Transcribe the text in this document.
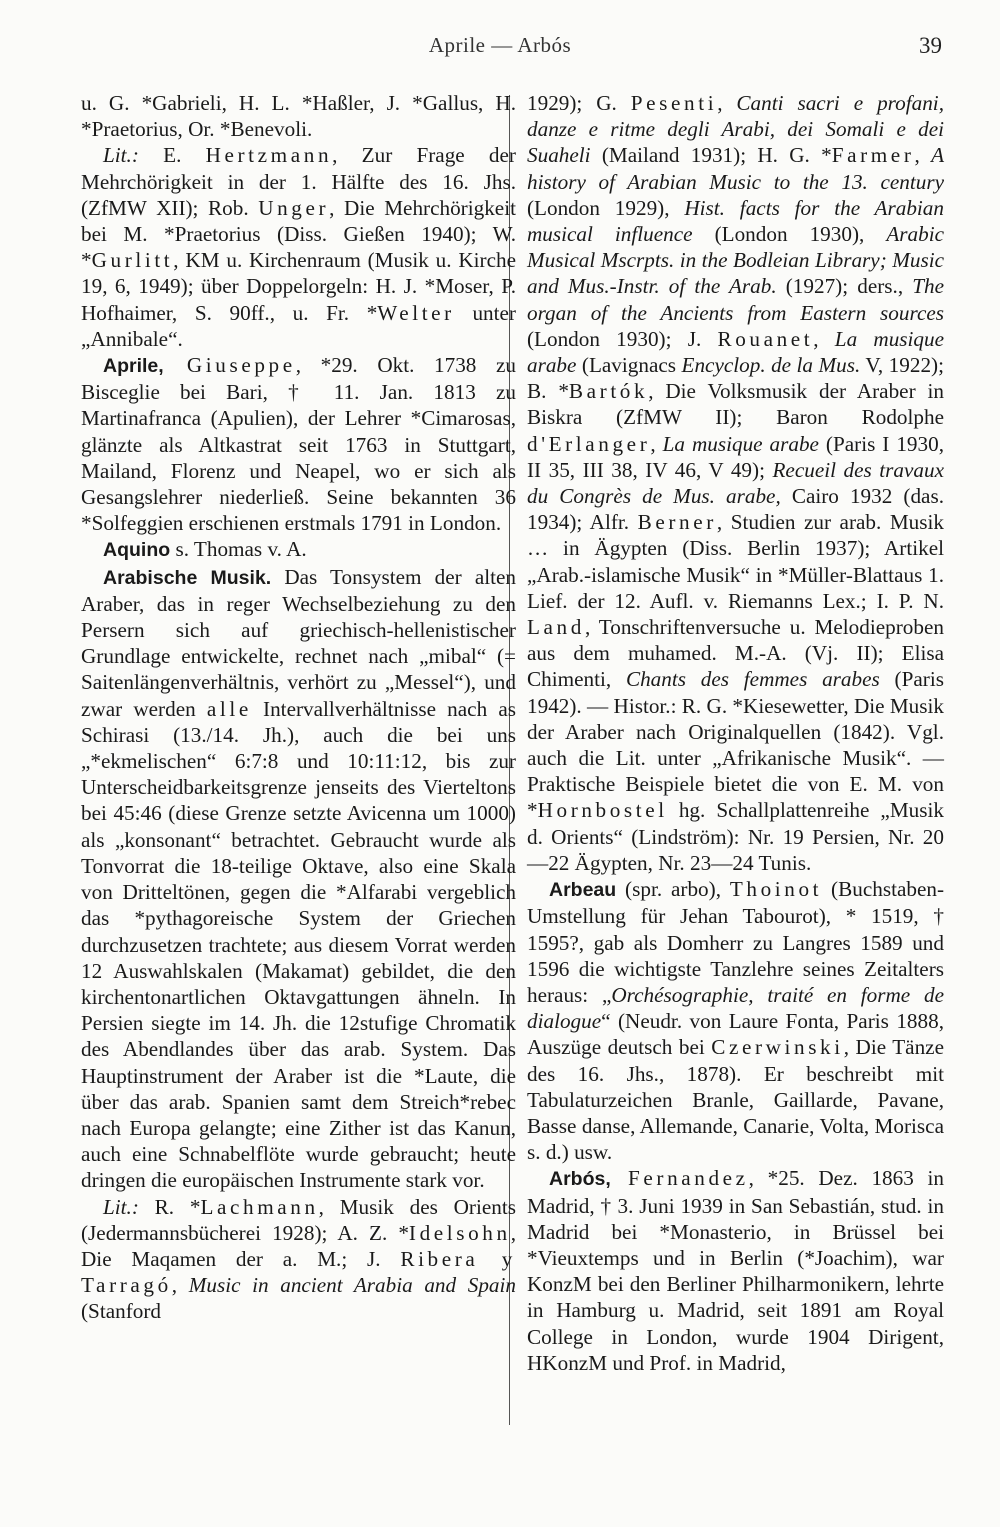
Aprile — Arbós	39

u. G. *Gabrieli, H. L. *Haßler, J. *Gallus, H. *Praetorius, Or. *Benevoli.

Lit.: E. Hertzmann, Zur Frage der Mehrchörigkeit in der 1. Hälfte des 16. Jhs. (ZfMW XII); Rob. Unger, Die Mehrchörigkeit bei M. *Praetorius (Diss. Gießen 1940); W. *Gurlitt, KM u. Kirchenraum (Musik u. Kirche 19, 6, 1949); über Doppelorgeln: H. J. *Moser, P. Hofhaimer, S. 90ff., u. Fr. *Welter unter „Annibale“.

Aprile, Giuseppe, *29. Okt. 1738 zu Bisceglie bei Bari, † 11. Jan. 1813 zu Martinafranca (Apulien), der Lehrer *Cimarosas, glänzte als Altkastrat seit 1763 in Stuttgart, Mailand, Florenz und Neapel, wo er sich als Gesangslehrer niederließ. Seine bekannten 36 *Solfeggien erschienen erstmals 1791 in London.

Aquino s. Thomas v. A.

Arabische Musik. Das Tonsystem der alten Araber, das in reger Wechselbeziehung zu den Persern sich auf griechisch-hellenistischer Grundlage entwickelte, rechnet nach „mibal“ (= Saitenlängenverhältnis, verhört zu „Messel“), und zwar werden alle Intervallverhältnisse nach as Schirasi (13./14. Jh.), auch die bei uns „*ekmelischen“ 6:7:8 und 10:11:12, bis zur Unterscheidbarkeitsgrenze jenseits des Vierteltons bei 45:46 (diese Grenze setzte Avicenna um 1000) als „konsonant“ betrachtet. Gebraucht wurde als Tonvorrat die 18-teilige Oktave, also eine Skala von Dritteltönen, gegen die *Alfarabi vergeblich das *pythagoreische System der Griechen durchzusetzen trachtete; aus diesem Vorrat werden 12 Auswahlskalen (Makamat) gebildet, die den kirchentonartlichen Oktavgattungen ähneln. In Persien siegte im 14. Jh. die 12stufige Chromatik des Abendlandes über das arab. System. Das Hauptinstrument der Araber ist die *Laute, die über das arab. Spanien samt dem Streich*rebec nach Europa gelangte; eine Zither ist das Kanun, auch eine Schnabelflöte wurde gebraucht; heute dringen die europäischen Instrumente stark vor.

Lit.: R. *Lachmann, Musik des Orients (Jedermannsbücherei 1928); A. Z. *Idelsohn, Die Maqamen der a. M.; J. Ribera y Tarragó, Music in ancient Arabia and Spain (Stanford

1929); G. Pesenti, Canti sacri e profani, danze e ritme degli Arabi, dei Somali e dei Suaheli (Mailand 1931); H. G. *Farmer, A history of Arabian Music to the 13. century (London 1929), Hist. facts for the Arabian musical influence (London 1930), Arabic Musical Mscrpts. in the Bodleian Library; Music and Mus.-Instr. of the Arab. (1927); ders., The organ of the Ancients from Eastern sources (London 1930); J. Rouanet, La musique arabe (Lavignacs Encyclop. de la Mus. V, 1922); B. *Bartók, Die Volksmusik der Araber in Biskra (ZfMW II); Baron Rodolphe d'Erlanger, La musique arabe (Paris I 1930, II 35, III 38, IV 46, V 49); Recueil des travaux du Congrès de Mus. arabe, Cairo 1932 (das. 1934); Alfr. Berner, Studien zur arab. Musik … in Ägypten (Diss. Berlin 1937); Artikel „Arab.-islamische Musik“ in *Müller-Blattaus 1. Lief. der 12. Aufl. v. Riemanns Lex.; I. P. N. Land, Tonschriftenversuche u. Melodieproben aus dem muhamed. M.-A. (Vj. II); Elisa Chimenti, Chants des femmes arabes (Paris 1942). — Histor.: R. G. *Kiesewetter, Die Musik der Araber nach Originalquellen (1842). Vgl. auch die Lit. unter „Afrikanische Musik“. — Praktische Beispiele bietet die von E. M. von *Hornbostel hg. Schallplattenreihe „Musik d. Orients“ (Lindström): Nr. 19 Persien, Nr. 20—22 Ägypten, Nr. 23—24 Tunis.

Arbeau (spr. arbo), Thoinot (Buchstaben-Umstellung für Jehan Tabourot), * 1519, † 1595?, gab als Domherr zu Langres 1589 und 1596 die wichtigste Tanzlehre seines Zeitalters heraus: „Orchésographie, traité en forme de dialogue“ (Neudr. von Laure Fonta, Paris 1888, Auszüge deutsch bei Czerwinski, Die Tänze des 16. Jhs., 1878). Er beschreibt mit Tabulaturzeichen Branle, Gaillarde, Pavane, Basse danse, Allemande, Canarie, Volta, Morisca s. d.) usw.

Arbós, Fernandez, *25. Dez. 1863 in Madrid, † 3. Juni 1939 in San Sebastián, stud. in Madrid bei *Monasterio, in Brüssel bei *Vieuxtemps und in Berlin (*Joachim), war KonzM bei den Berliner Philharmonikern, lehrte in Hamburg u. Madrid, seit 1891 am Royal College in London, wurde 1904 Dirigent, HKonzM und Prof. in Madrid,
